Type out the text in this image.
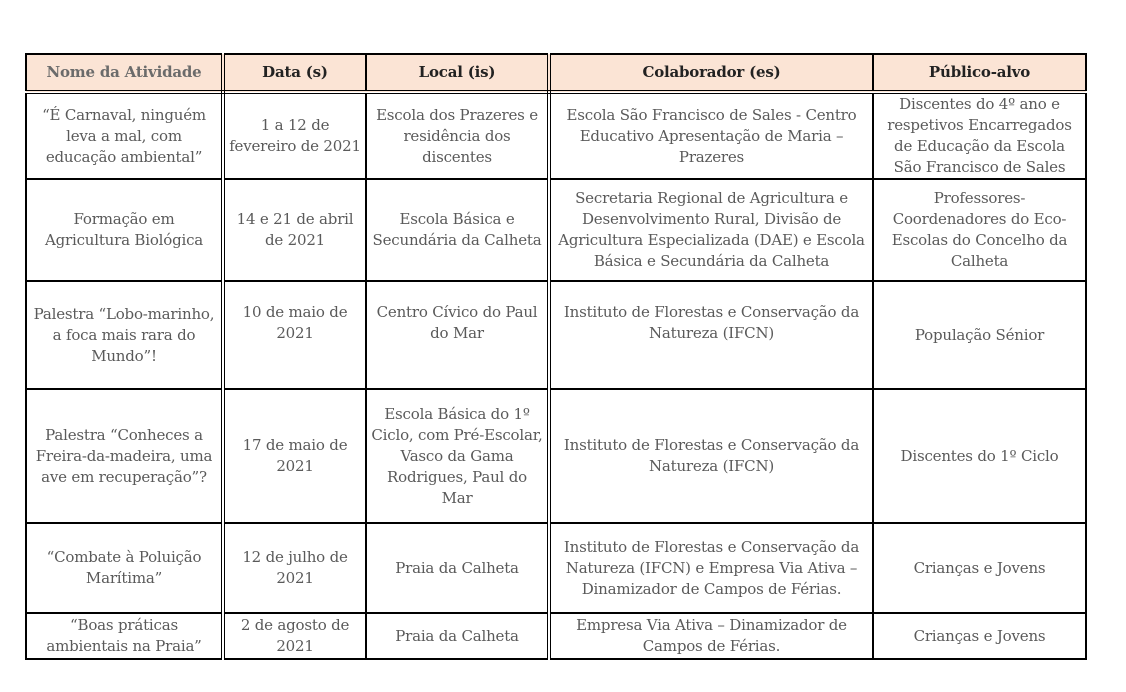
Nome da Atividade	Data (s)	Local (is)	Colaborador (es)	Público-alvo
“É Carnaval, ninguém leva a mal, com educação ambiental”	1 a 12 de fevereiro de 2021	Escola dos Prazeres e residência dos discentes	Escola São Francisco de Sales - Centro Educativo Apresentação de Maria – Prazeres	Discentes do 4º ano e respetivos Encarregados de Educação da Escola São Francisco de Sales
Formação em Agricultura Biológica	14 e 21 de abril de 2021	Escola Básica e Secundária da Calheta	Secretaria Regional de Agricultura e Desenvolvimento Rural, Divisão de Agricultura Especializada (DAE) e Escola Básica e Secundária da Calheta	Professores-Coordenadores do Eco-Escolas do Concelho da Calheta
Palestra “Lobo-marinho, a foca mais rara do Mundo”!	10 de maio de 2021	Centro Cívico do Paul do Mar	Instituto de Florestas e Conservação da Natureza (IFCN)	População Sénior
Palestra “Conheces a Freira-da-madeira, uma ave em recuperação”?	17 de maio de 2021	Escola Básica do 1º Ciclo, com Pré-Escolar, Vasco da Gama Rodrigues, Paul do Mar	Instituto de Florestas e Conservação da Natureza (IFCN)	Discentes do 1º Ciclo
“Combate à Poluição Marítima”	12 de julho de 2021	Praia da Calheta	Instituto de Florestas e Conservação da Natureza (IFCN) e Empresa Via Ativa – Dinamizador de Campos de Férias.	Crianças e Jovens
“Boas práticas ambientais na Praia”	2 de agosto de 2021	Praia da Calheta	Empresa Via Ativa – Dinamizador de Campos de Férias.	Crianças e Jovens
